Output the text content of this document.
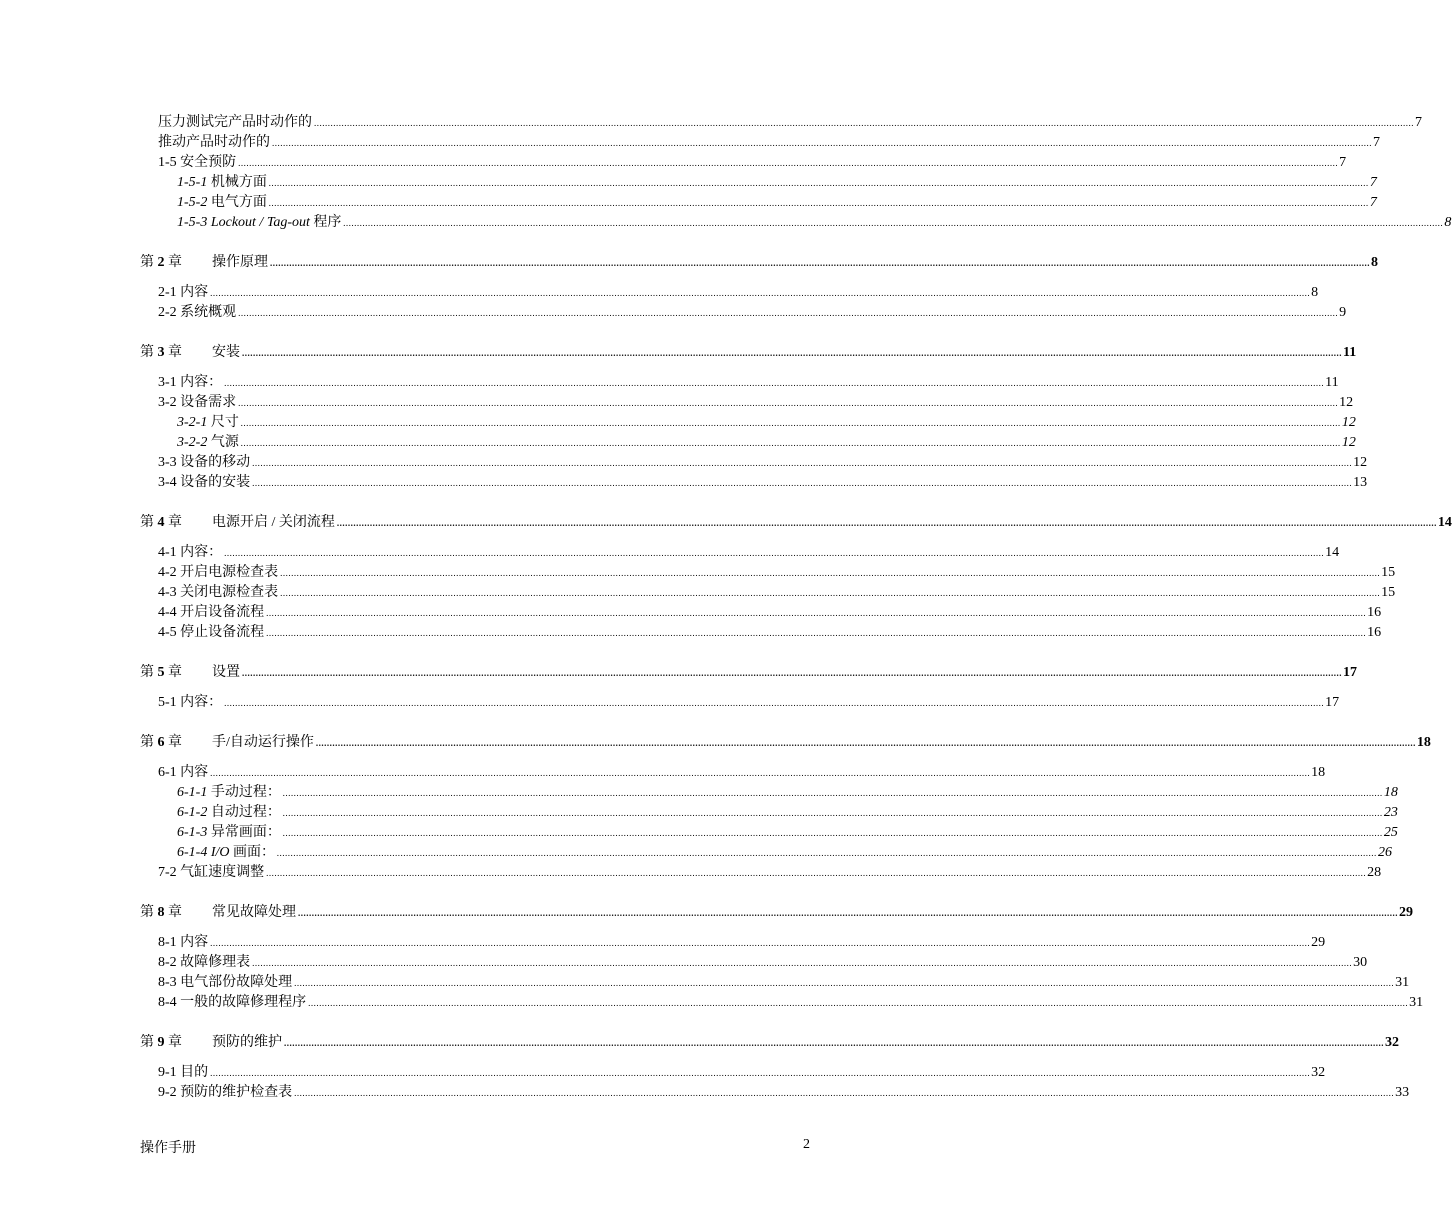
压力测试完产品时动作的 ................................................................................................................................................................................................................................................................................................................................................................................................................ 7
推动产品时动作的 ................................................................................................................................................................................................................................................................................................................................................................................................................ 7
1-5 安全预防 ................................................................................................................................................................................................................................................................................................................................................................................................................ 7
1-5-1 机械方面 ................................................................................................................................................................................................................................................................................................................................................................................................................ 7
1-5-2 电气方面 ................................................................................................................................................................................................................................................................................................................................................................................................................ 7
1-5-3 Lockout / Tag-out 程序 ................................................................................................................................................................................................................................................................................................................................................................................................................ 8
第 2 章 操作原理 ................................................................................................................................................................................................................................................................................................................................................................................................................ 8
2-1 内容 ................................................................................................................................................................................................................................................................................................................................................................................................................ 8
2-2 系统概观 ................................................................................................................................................................................................................................................................................................................................................................................................................ 9
第 3 章 安装 ................................................................................................................................................................................................................................................................................................................................................................................................................ 11
3-1 内容： ................................................................................................................................................................................................................................................................................................................................................................................................................ 11
3-2 设备需求 ................................................................................................................................................................................................................................................................................................................................................................................................................ 12
3-2-1 尺寸 ................................................................................................................................................................................................................................................................................................................................................................................................................ 12
3-2-2 气源 ................................................................................................................................................................................................................................................................................................................................................................................................................ 12
3-3 设备的移动 ................................................................................................................................................................................................................................................................................................................................................................................................................ 12
3-4 设备的安装 ................................................................................................................................................................................................................................................................................................................................................................................................................ 13
第 4 章 电源开启 / 关闭流程 ................................................................................................................................................................................................................................................................................................................................................................................................................ 14
4-1 内容： ................................................................................................................................................................................................................................................................................................................................................................................................................ 14
4-2 开启电源检查表 ................................................................................................................................................................................................................................................................................................................................................................................................................ 15
4-3 关闭电源检查表 ................................................................................................................................................................................................................................................................................................................................................................................................................ 15
4-4 开启设备流程 ................................................................................................................................................................................................................................................................................................................................................................................................................ 16
4-5 停止设备流程 ................................................................................................................................................................................................................................................................................................................................................................................................................ 16
第 5 章 设置 ................................................................................................................................................................................................................................................................................................................................................................................................................ 17
5-1 内容： ................................................................................................................................................................................................................................................................................................................................................................................................................ 17
第 6 章 手/自动运行操作 ................................................................................................................................................................................................................................................................................................................................................................................................................ 18
6-1 内容 ................................................................................................................................................................................................................................................................................................................................................................................................................ 18
6-1-1 手动过程： ................................................................................................................................................................................................................................................................................................................................................................................................................ 18
6-1-2 自动过程： ................................................................................................................................................................................................................................................................................................................................................................................................................ 23
6-1-3 异常画面： ................................................................................................................................................................................................................................................................................................................................................................................................................ 25
6-1-4 I/O 画面： ................................................................................................................................................................................................................................................................................................................................................................................................................ 26
7-2 气缸速度调整 ................................................................................................................................................................................................................................................................................................................................................................................................................ 28
第 8 章 常见故障处理 ................................................................................................................................................................................................................................................................................................................................................................................................................ 29
8-1 内容 ................................................................................................................................................................................................................................................................................................................................................................................................................ 29
8-2 故障修理表 ................................................................................................................................................................................................................................................................................................................................................................................................................ 30
8-3 电气部份故障处理 ................................................................................................................................................................................................................................................................................................................................................................................................................ 31
8-4 一般的故障修理程序 ................................................................................................................................................................................................................................................................................................................................................................................................................ 31
第 9 章 预防的维护 ................................................................................................................................................................................................................................................................................................................................................................................................................ 32
9-1 目的 ................................................................................................................................................................................................................................................................................................................................................................................................................ 32
9-2 预防的维护检查表 ................................................................................................................................................................................................................................................................................................................................................................................................................ 33
操作手册	2
